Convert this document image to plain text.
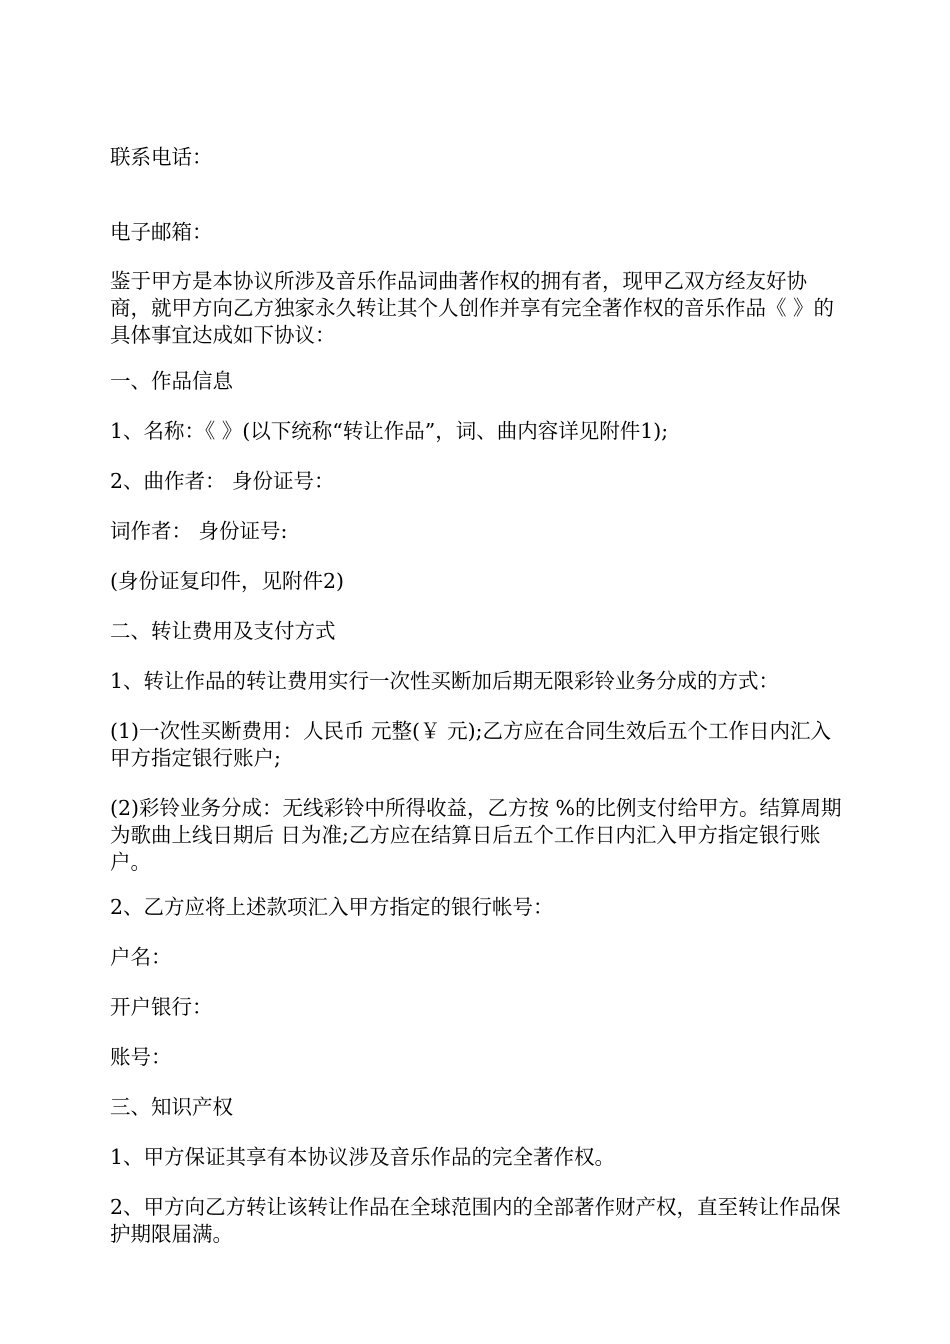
联系电话：

电子邮箱：

鉴于甲方是本协议所涉及音乐作品词曲著作权的拥有者，现甲乙双方经友好协商，就甲方向乙方独家永久转让其个人创作并享有完全著作权的音乐作品《 》的具体事宜达成如下协议：

一、作品信息

1、名称：《 》(以下统称“转让作品”，词、曲内容详见附件1);

2、曲作者： 身份证号：

词作者： 身份证号:

(身份证复印件，见附件2)

二、转让费用及支付方式

1、转让作品的转让费用实行一次性买断加后期无限彩铃业务分成的方式：

(1)一次性买断费用：人民币 元整(￥ 元);乙方应在合同生效后五个工作日内汇入甲方指定银行账户;

(2)彩铃业务分成：无线彩铃中所得收益，乙方按 %的比例支付给甲方。结算周期为歌曲上线日期后 日为准;乙方应在结算日后五个工作日内汇入甲方指定银行账户。

2、乙方应将上述款项汇入甲方指定的银行帐号：

户名：

开户银行：

账号：

三、知识产权

1、甲方保证其享有本协议涉及音乐作品的完全著作权。

2、甲方向乙方转让该转让作品在全球范围内的全部著作财产权，直至转让作品保护期限届满。
